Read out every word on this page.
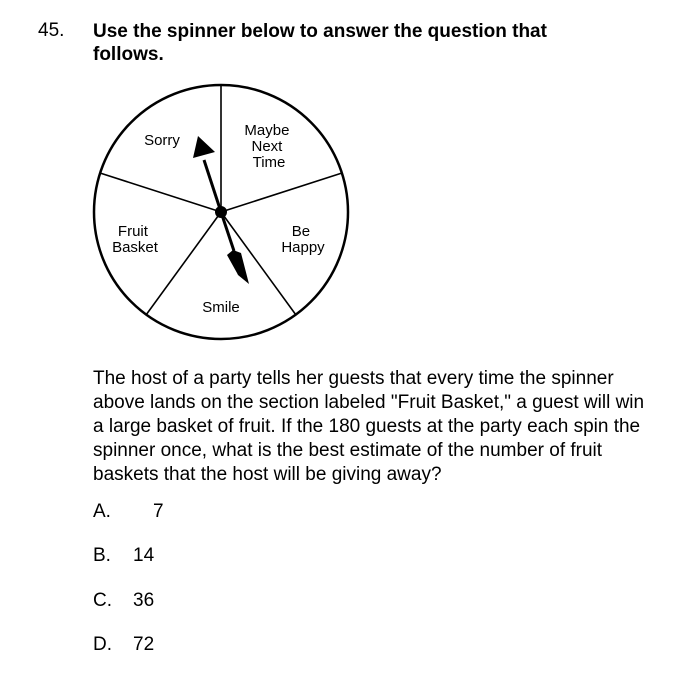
45. Use the spinner below to answer the question that follows.
Sorry
Maybe Next Time
Be Happy
Smile
Fruit Basket
The host of a party tells her guests that every time the spinner above lands on the section labeled "Fruit Basket," a guest will win a large basket of fruit. If the 180 guests at the party each spin the spinner once, what is the best estimate of the number of fruit baskets that the host will be giving away?
A. 7
B. 14
C. 36
D. 72
